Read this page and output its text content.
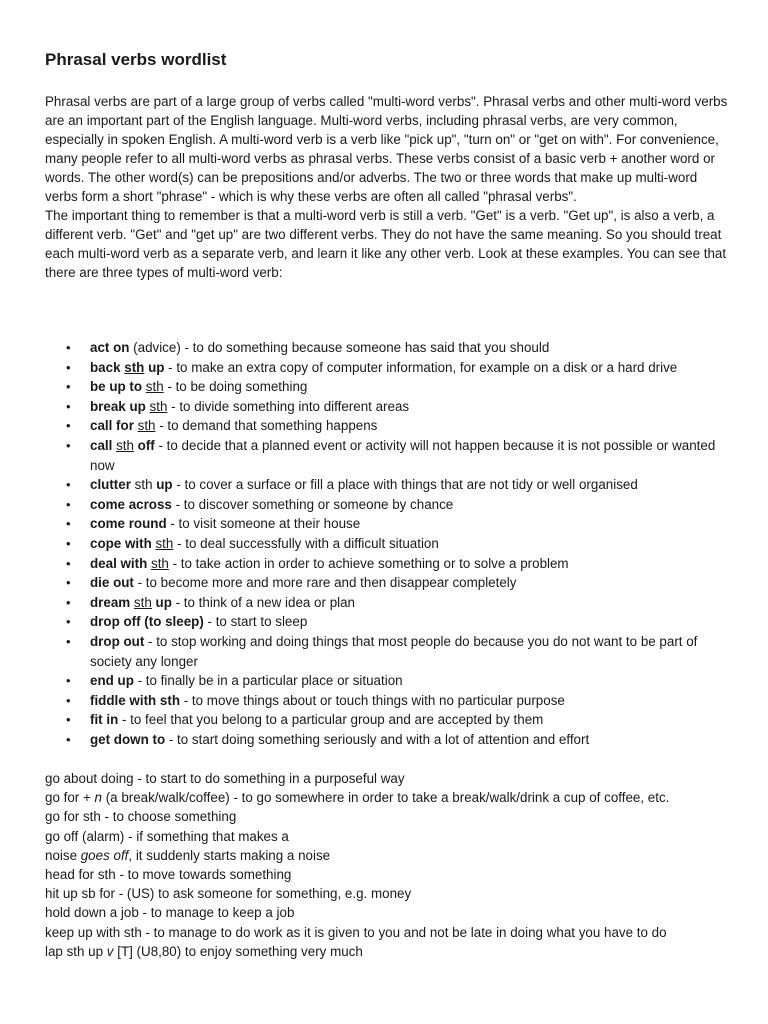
Phrasal verbs wordlist

Phrasal verbs are part of a large group of verbs called "multi-word verbs". Phrasal verbs and other multi-word verbs are an important part of the English language. Multi-word verbs, including phrasal verbs, are very common, especially in spoken English. A multi-word verb is a verb like "pick up", "turn on" or "get on with". For convenience, many people refer to all multi-word verbs as phrasal verbs. These verbs consist of a basic verb + another word or words. The other word(s) can be prepositions and/or adverbs. The two or three words that make up multi-word verbs form a short "phrase" - which is why these verbs are often all called "phrasal verbs".

The important thing to remember is that a multi-word verb is still a verb. "Get" is a verb. "Get up", is also a verb, a different verb. "Get" and "get up" are two different verbs. They do not have the same meaning. So you should treat each multi-word verb as a separate verb, and learn it like any other verb. Look at these examples. You can see that there are three types of multi-word verb:

• act on (advice) - to do something because someone has said that you should
• back sth up - to make an extra copy of computer information, for example on a disk or a hard drive
• be up to sth - to be doing something
• break up sth - to divide something into different areas
• call for sth - to demand that something happens
• call sth off - to decide that a planned event or activity will not happen because it is not possible or wanted now
• clutter sth up - to cover a surface or fill a place with things that are not tidy or well organised
• come across - to discover something or someone by chance
• come round - to visit someone at their house
• cope with sth - to deal successfully with a difficult situation
• deal with sth - to take action in order to achieve something or to solve a problem
• die out - to become more and more rare and then disappear completely
• dream sth up - to think of a new idea or plan
• drop off (to sleep) - to start to sleep
• drop out - to stop working and doing things that most people do because you do not want to be part of society any longer
• end up - to finally be in a particular place or situation
• fiddle with sth - to move things about or touch things with no particular purpose
• fit in - to feel that you belong to a particular group and are accepted by them
• get down to - to start doing something seriously and with a lot of attention and effort
go about doing - to start to do something in a purposeful way
go for + n (a break/walk/coffee) - to go somewhere in order to take a break/walk/drink a cup of coffee, etc.
go for sth - to choose something
go off (alarm) - if something that makes a
noise goes off, it suddenly starts making a noise
head for sth - to move towards something
hit up sb for - (US) to ask someone for something, e.g. money
hold down a job - to manage to keep a job
keep up with sth - to manage to do work as it is given to you and not be late in doing what you have to do
lap sth up v [T] (U8,80) to enjoy something very much
